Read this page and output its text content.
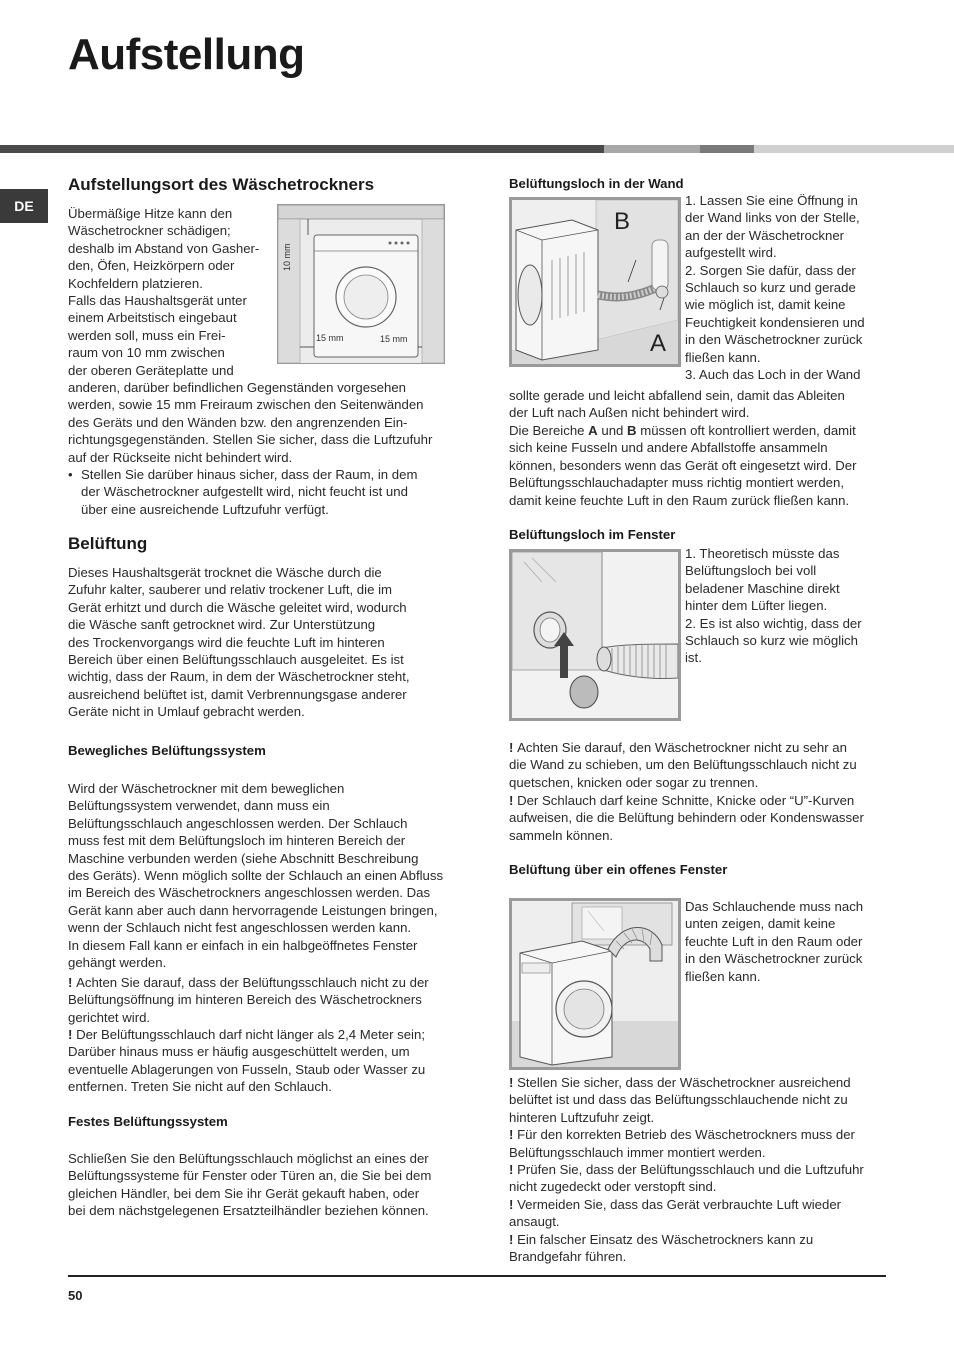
Aufstellung
DE
Aufstellungsort des Wäschetrockners
Übermäßige Hitze kann den
Wäschetrockner schädigen;
deshalb im Abstand von Gasher-
den, Öfen, Heizkörpern oder
Kochfeldern platzieren.
Falls das Haushaltsgerät unter
einem Arbeitstisch eingebaut
werden soll, muss ein Frei-
raum von 10 mm zwischen
der oberen Geräteplatte und
10 mm
15 mm	15 mm
anderen, darüber befindlichen Gegenständen vorgesehen
werden, sowie 15 mm Freiraum zwischen den Seitenwänden
des Geräts und den Wänden bzw. den angrenzenden Ein-
richtungsgegenständen. Stellen Sie sicher, dass die Luftzufuhr
auf der Rückseite nicht behindert wird.
• Stellen Sie darüber hinaus sicher, dass der Raum, in dem
der Wäschetrockner aufgestellt wird, nicht feucht ist und
über eine ausreichende Luftzufuhr verfügt.
Belüftung
Dieses Haushaltsgerät trocknet die Wäsche durch die
Zufuhr kalter, sauberer und relativ trockener Luft, die im
Gerät erhitzt und durch die Wäsche geleitet wird, wodurch
die Wäsche sanft getrocknet wird. Zur Unterstützung
des Trockenvorgangs wird die feuchte Luft im hinteren
Bereich über einen Belüftungsschlauch ausgeleitet. Es ist
wichtig, dass der Raum, in dem der Wäschetrockner steht,
ausreichend belüftet ist, damit Verbrennungsgase anderer
Geräte nicht in Umlauf gebracht werden.
Bewegliches Belüftungssystem
Wird der Wäschetrockner mit dem beweglichen
Belüftungssystem verwendet, dann muss ein
Belüftungsschlauch angeschlossen werden. Der Schlauch
muss fest mit dem Belüftungsloch im hinteren Bereich der
Maschine verbunden werden (siehe Abschnitt Beschreibung
des Geräts). Wenn möglich sollte der Schlauch an einen Abfluss
im Bereich des Wäschetrockners angeschlossen werden. Das
Gerät kann aber auch dann hervorragende Leistungen bringen,
wenn der Schlauch nicht fest angeschlossen werden kann.
In diesem Fall kann er einfach in ein halbgeöffnetes Fenster
gehängt werden.
! Achten Sie darauf, dass der Belüftungsschlauch nicht zu der
Belüftungsöffnung im hinteren Bereich des Wäschetrockners
gerichtet wird.
! Der Belüftungsschlauch darf nicht länger als 2,4 Meter sein;
Darüber hinaus muss er häufig ausgeschüttelt werden, um
eventuelle Ablagerungen von Fusseln, Staub oder Wasser zu
entfernen. Treten Sie nicht auf den Schlauch.
Festes Belüftungssystem
Schließen Sie den Belüftungsschlauch möglichst an eines der
Belüftungssysteme für Fenster oder Türen an, die Sie bei dem
gleichen Händler, bei dem Sie ihr Gerät gekauft haben, oder
bei dem nächstgelegenen Ersatzteilhändler beziehen können.
Belüftungsloch in der Wand
B
A
1. Lassen Sie eine Öffnung in
der Wand links von der Stelle,
an der der Wäschetrockner
aufgestellt wird.
2. Sorgen Sie dafür, dass der
Schlauch so kurz und gerade
wie möglich ist, damit keine
Feuchtigkeit kondensieren und
in den Wäschetrockner zurück
fließen kann.
3. Auch das Loch in der Wand
sollte gerade und leicht abfallend sein, damit das Ableiten
der Luft nach Außen nicht behindert wird.
Die Bereiche A und B müssen oft kontrolliert werden, damit
sich keine Fusseln und andere Abfallstoffe ansammeln
können, besonders wenn das Gerät oft eingesetzt wird. Der
Belüftungsschlauchadapter muss richtig montiert werden,
damit keine feuchte Luft in den Raum zurück fließen kann.
Belüftungsloch im Fenster
1. Theoretisch müsste das
Belüftungsloch bei voll
beladener Maschine direkt
hinter dem Lüfter liegen.
2. Es ist also wichtig, dass der
Schlauch so kurz wie möglich
ist.
! Achten Sie darauf, den Wäschetrockner nicht zu sehr an
die Wand zu schieben, um den Belüftungsschlauch nicht zu
quetschen, knicken oder sogar zu trennen.
! Der Schlauch darf keine Schnitte, Knicke oder “U”-Kurven
aufweisen, die die Belüftung behindern oder Kondenswasser
sammeln können.
Belüftung über ein offenes Fenster
Das Schlauchende muss nach
unten zeigen, damit keine
feuchte Luft in den Raum oder
in den Wäschetrockner zurück
fließen kann.
! Stellen Sie sicher, dass der Wäschetrockner ausreichend
belüftet ist und dass das Belüftungsschlauchende nicht zu
hinteren Luftzufuhr zeigt.
! Für den korrekten Betrieb des Wäschetrockners muss der
Belüftungsschlauch immer montiert werden.
! Prüfen Sie, dass der Belüftungsschlauch und die Luftzufuhr
nicht zugedeckt oder verstopft sind.
! Vermeiden Sie, dass das Gerät verbrauchte Luft wieder
ansaugt.
! Ein falscher Einsatz des Wäschetrockners kann zu
Brandgefahr führen.
50
